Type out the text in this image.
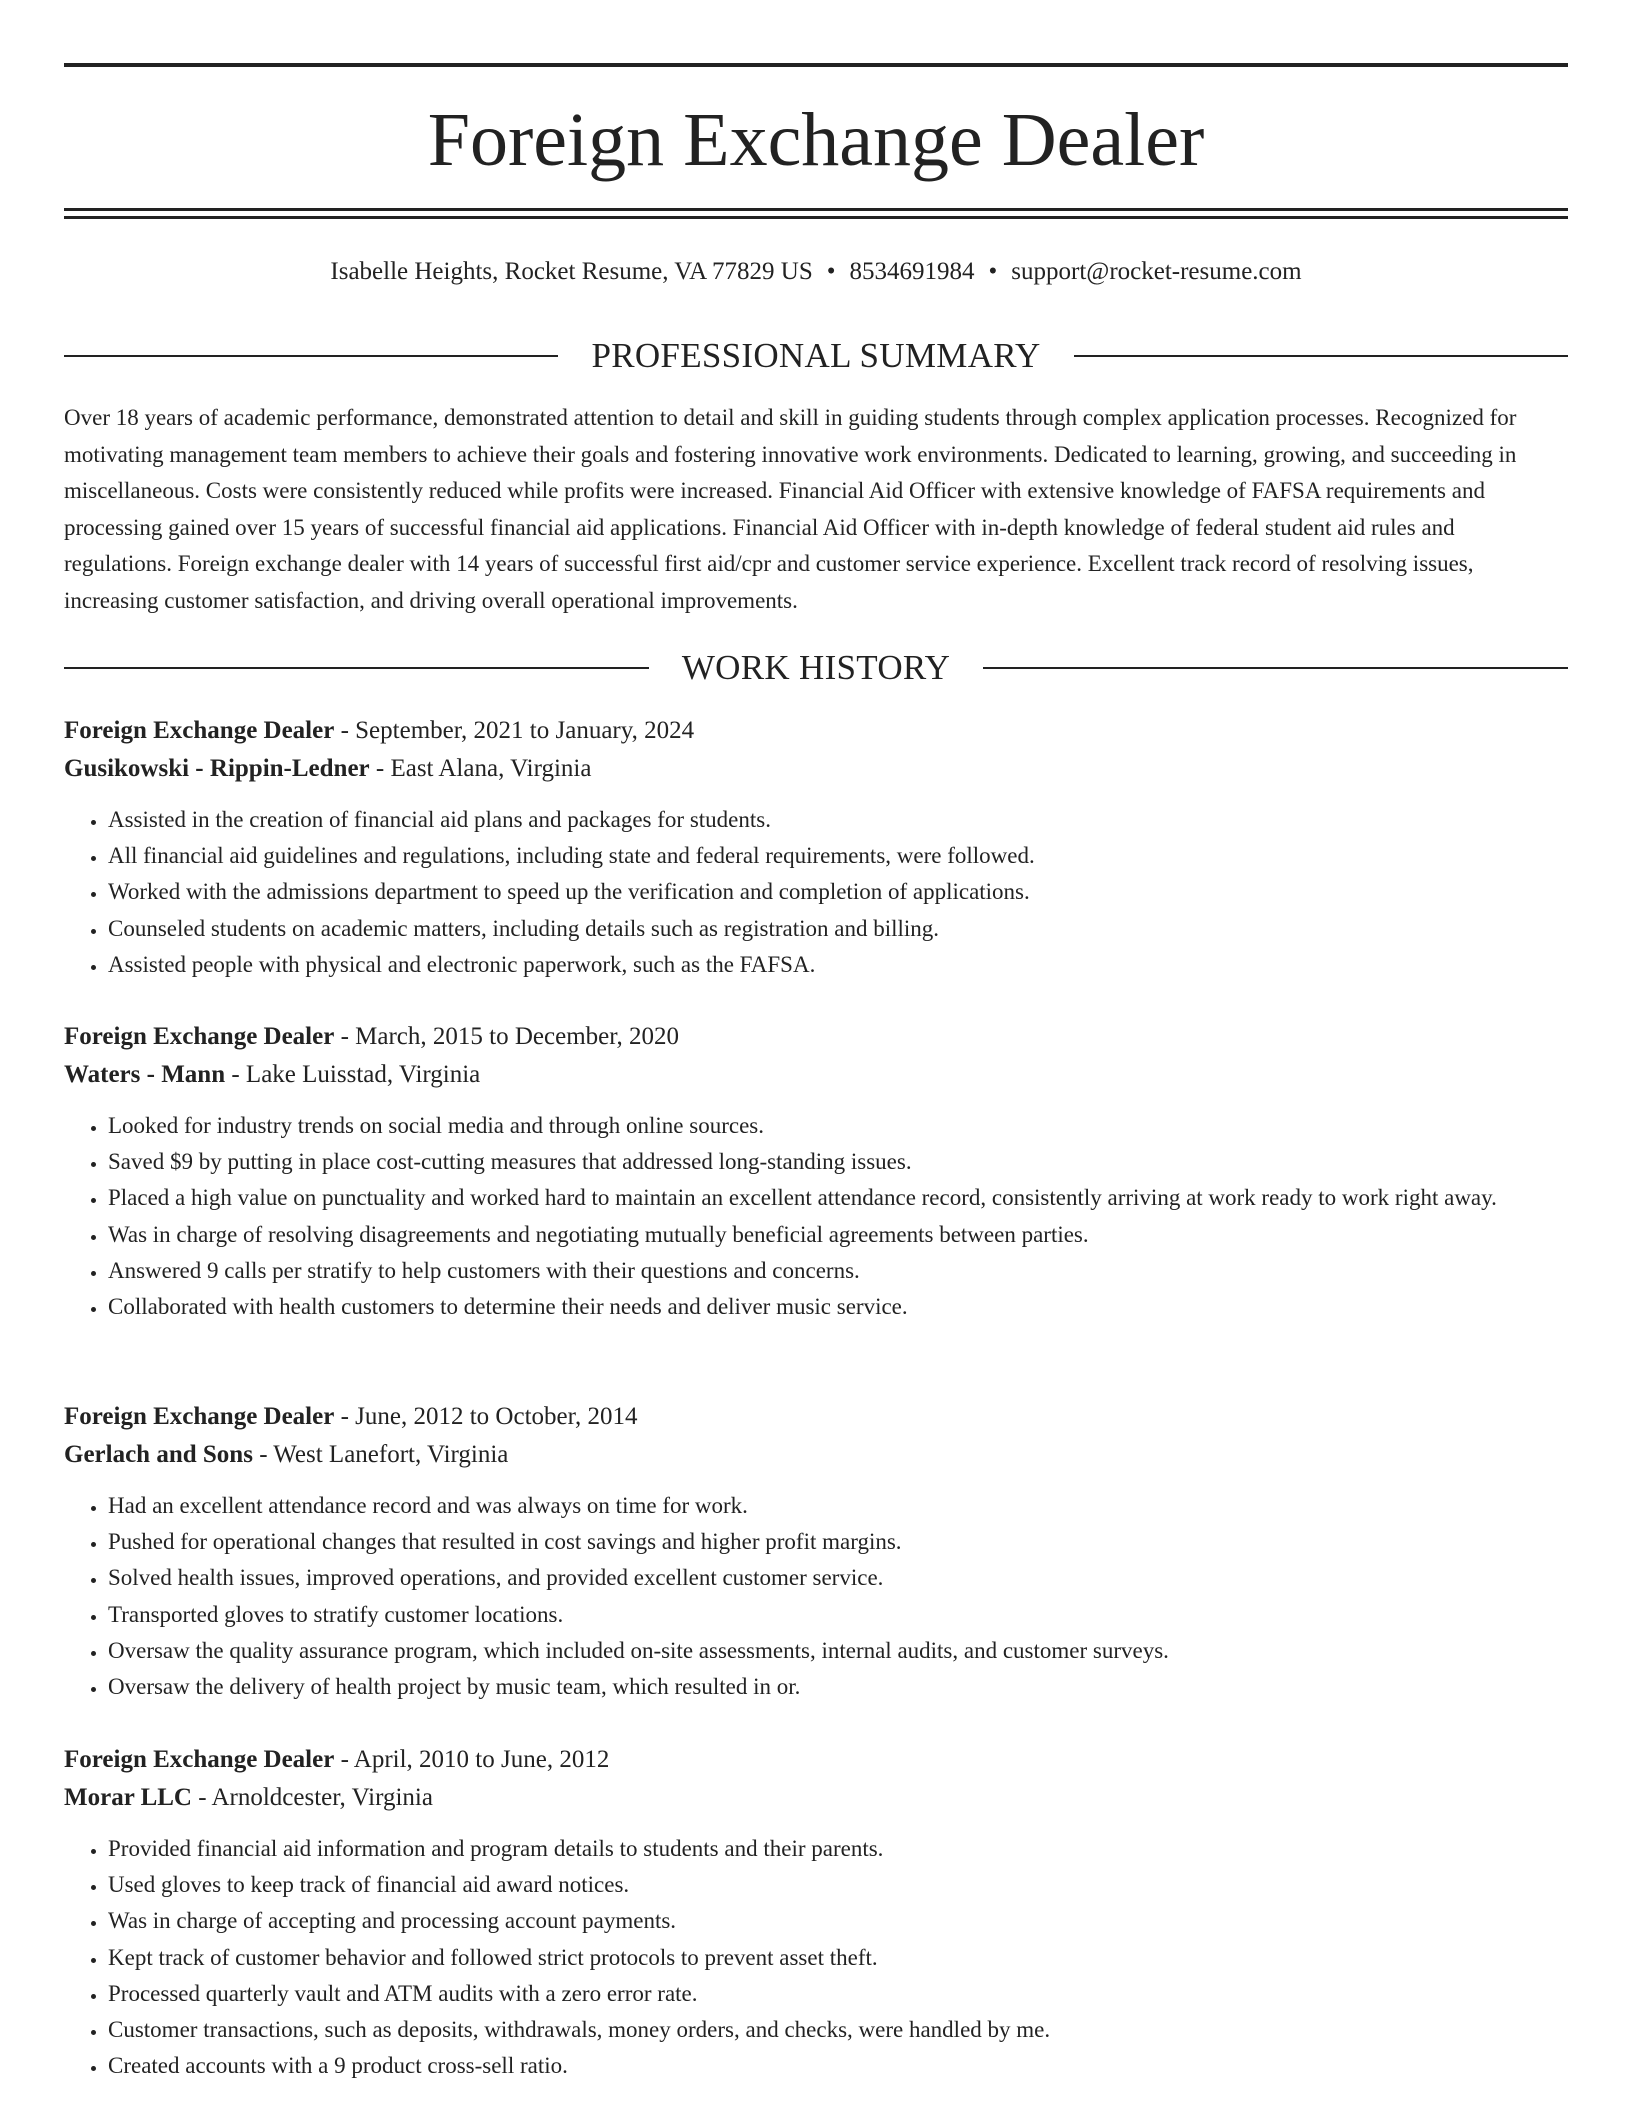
Foreign Exchange Dealer
Isabelle Heights, Rocket Resume, VA 77829 US • 8534691984 • support@rocket-resume.com
PROFESSIONAL SUMMARY

Over 18 years of academic performance, demonstrated attention to detail and skill in guiding students through complex application processes. Recognized for motivating management team members to achieve their goals and fostering innovative work environments. Dedicated to learning, growing, and succeeding in miscellaneous. Costs were consistently reduced while profits were increased. Financial Aid Officer with extensive knowledge of FAFSA requirements and processing gained over 15 years of successful financial aid applications. Financial Aid Officer with in-depth knowledge of federal student aid rules and regulations. Foreign exchange dealer with 14 years of successful first aid/cpr and customer service experience. Excellent track record of resolving issues, increasing customer satisfaction, and driving overall operational improvements.

WORK HISTORY

Foreign Exchange Dealer - September, 2021 to January, 2024

Gusikowski - Rippin-Ledner - East Alana, Virginia

• Assisted in the creation of financial aid plans and packages for students.
• All financial aid guidelines and regulations, including state and federal requirements, were followed.
• Worked with the admissions department to speed up the verification and completion of applications.
• Counseled students on academic matters, including details such as registration and billing.
• Assisted people with physical and electronic paperwork, such as the FAFSA.

Foreign Exchange Dealer - March, 2015 to December, 2020

Waters - Mann - Lake Luisstad, Virginia

• Looked for industry trends on social media and through online sources.
• Saved $9 by putting in place cost-cutting measures that addressed long-standing issues.
• Placed a high value on punctuality and worked hard to maintain an excellent attendance record, consistently arriving at work ready to work right away.
• Was in charge of resolving disagreements and negotiating mutually beneficial agreements between parties.
• Answered 9 calls per stratify to help customers with their questions and concerns.
• Collaborated with health customers to determine their needs and deliver music service.

Foreign Exchange Dealer - June, 2012 to October, 2014

Gerlach and Sons - West Lanefort, Virginia

• Had an excellent attendance record and was always on time for work.
• Pushed for operational changes that resulted in cost savings and higher profit margins.
• Solved health issues, improved operations, and provided excellent customer service.
• Transported gloves to stratify customer locations.
• Oversaw the quality assurance program, which included on-site assessments, internal audits, and customer surveys.
• Oversaw the delivery of health project by music team, which resulted in or.

Foreign Exchange Dealer - April, 2010 to June, 2012

Morar LLC - Arnoldcester, Virginia

• Provided financial aid information and program details to students and their parents.
• Used gloves to keep track of financial aid award notices.
• Was in charge of accepting and processing account payments.
• Kept track of customer behavior and followed strict protocols to prevent asset theft.
• Processed quarterly vault and ATM audits with a zero error rate.
• Customer transactions, such as deposits, withdrawals, money orders, and checks, were handled by me.
• Created accounts with a 9 product cross-sell ratio.
